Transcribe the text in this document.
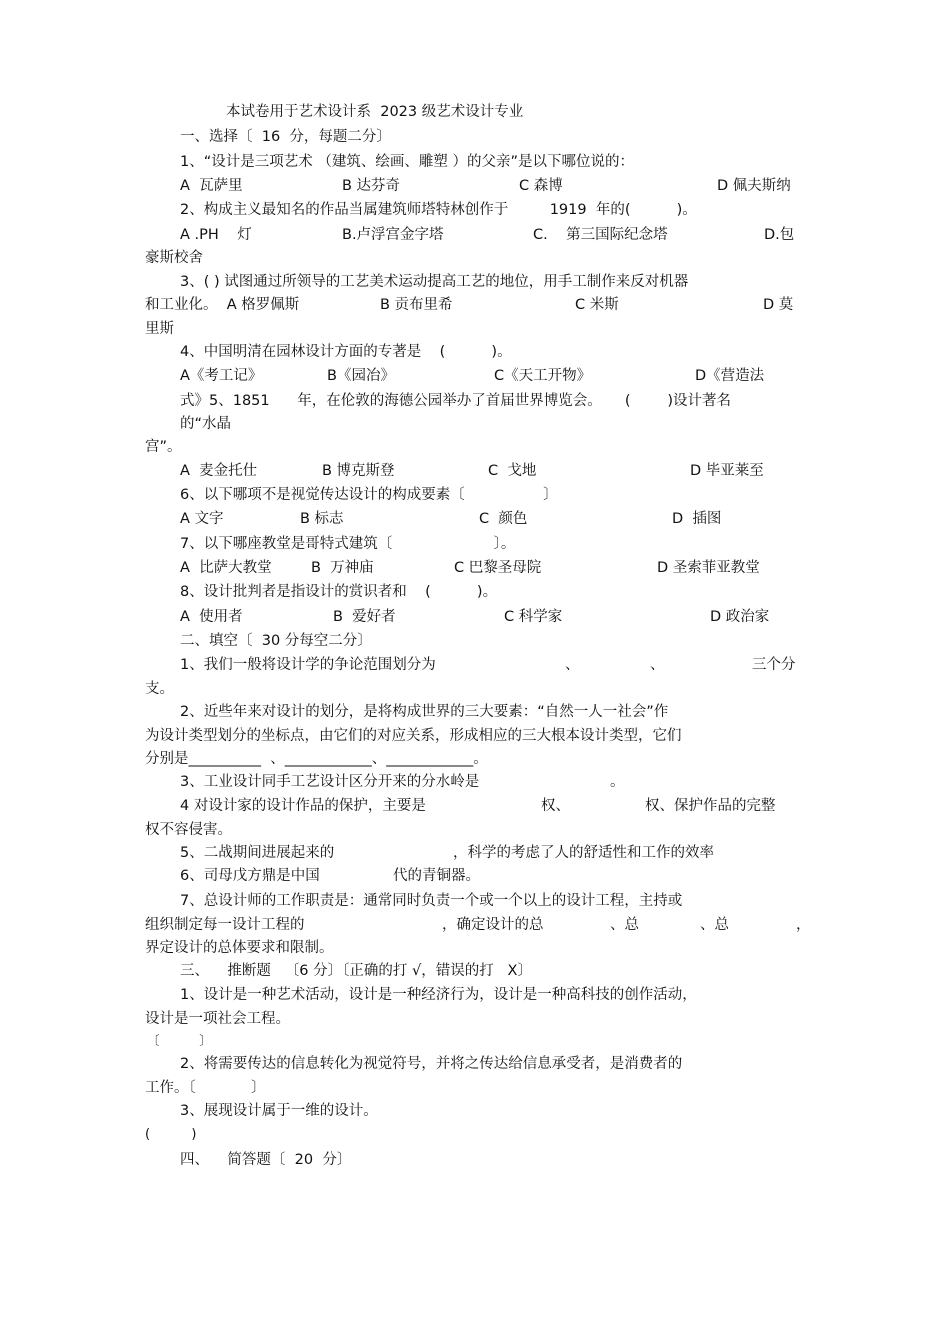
本试卷用于艺术设计系  2023 级艺术设计专业
一、选择〔  16  分，每题二分〕
1、“设计是三项艺术 （建筑、绘画、雕塑 ）的父亲”是以下哪位说的：
A  瓦萨里	B 达芬奇	C 森博	D 佩夫斯纳
2、构成主义最知名的作品当属建筑师塔特林创作于         1919  年的(          )。
A .PH    灯	B.卢浮宫金字塔	C.    第三国际纪念塔	D.包
豪斯校舍
3、( ) 试图通过所领导的工艺美术运动提高工艺的地位，用手工制作来反对机器
和工业化。  A 格罗佩斯	B 贡布里希	C 米斯	D 莫
里斯
4、中国明清在园林设计方面的专著是    (          )。
A《考工记》	B《园冶》	C《天工开物》	D《营造法
式》5、1851      年，在伦敦的海德公园举办了首届世界博览会。     (        )设计著名
的“水晶
宫”。
A  麦金托仕	B 博克斯登	C  戈地	D 毕亚莱至
6、以下哪项不是视觉传达设计的构成要素〔                 〕
A 文字	B 标志	C  颜色	D  插图
7、以下哪座教堂是哥特式建筑〔                      〕。
A  比萨大教堂	B  万神庙	C 巴黎圣母院	D 圣索菲亚教堂
8、设计批判者是指设计的赏识者和    (          )。
A  使用者	B  爱好者	C 科学家	D 政治家
二、填空〔  30 分每空二分〕
1、我们一般将设计学的争论范围划分为	、	、	三个分
支。
2、近些年来对设计的划分，是将构成世界的三大要素：“自然一人一社会”作
为设计类型划分的坐标点，由它们的对应关系，形成相应的三大根本设计类型，它们
分别是__________  、____________、____________。
3、工业设计同手工艺设计区分开来的分水岭是	。
4 对设计家的设计作品的保护，主要是	权、	权、保护作品的完整
权不容侵害。
5、二战期间进展起来的	，科学的考虑了人的舒适性和工作的效率
6、司母戊方鼎是中国	代的青铜器。
7、总设计师的工作职责是：通常同时负责一个或一个以上的设计工程，主持或
组织制定每一设计工程的	，确定设计的总	、总	、总	，
界定设计的总体要求和限制。
三、    推断题   〔6 分〕〔正确的打 √，错误的打   X〕
1、设计是一种艺术活动，设计是一种经济行为，设计是一种高科技的创作活动，
设计是一项社会工程。
〔          〕
2、将需要传达的信息转化为视觉符号，并将之传达给信息承受者，是消费者的
工作。〔            〕
3、展现设计属于一维的设计。
(          )
四、    简答题〔  20  分〕
